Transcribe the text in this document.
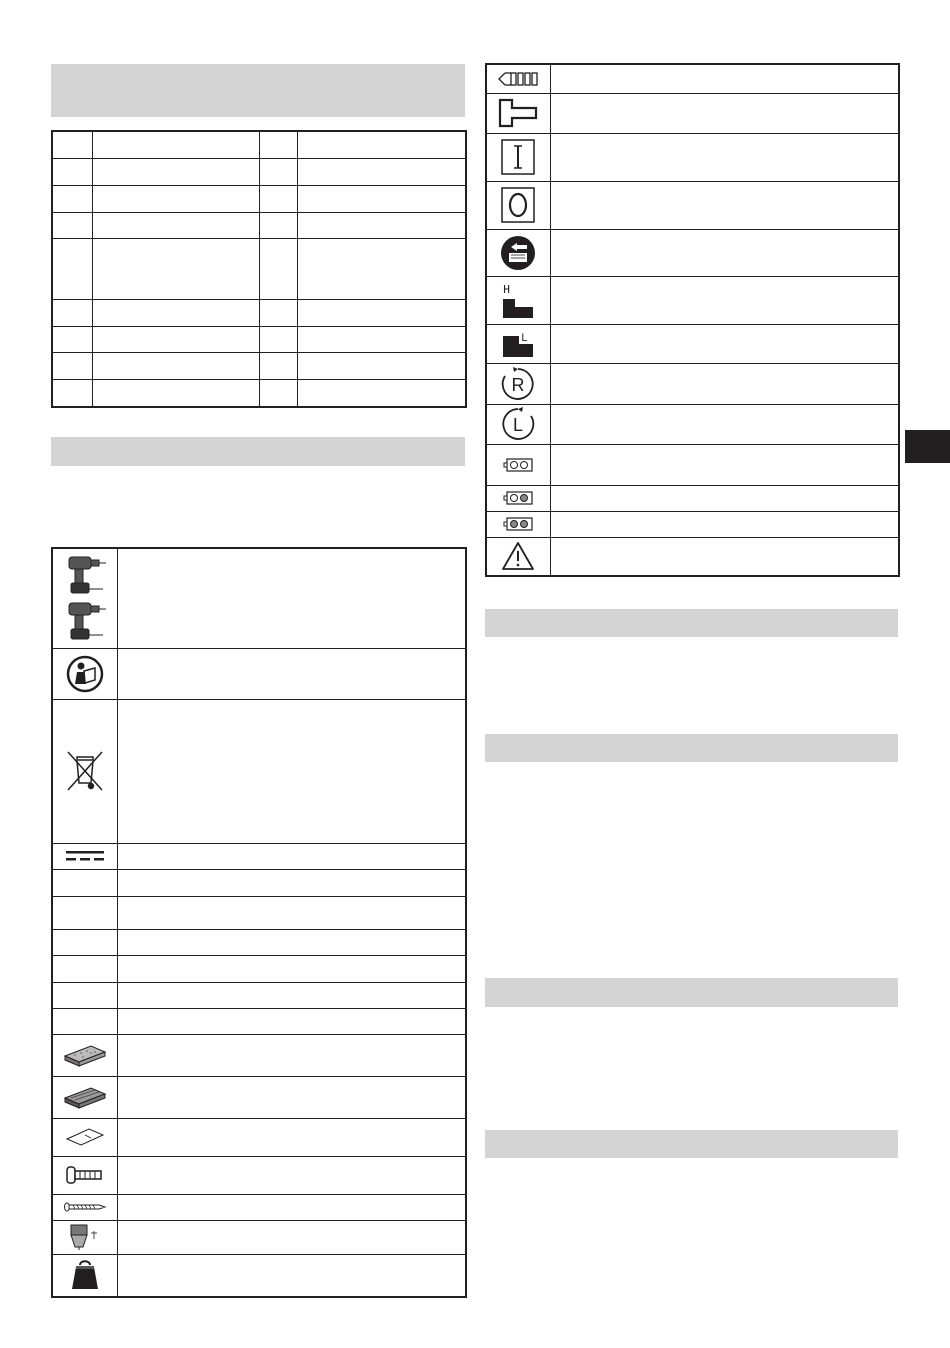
H	

L	

R	

L	
